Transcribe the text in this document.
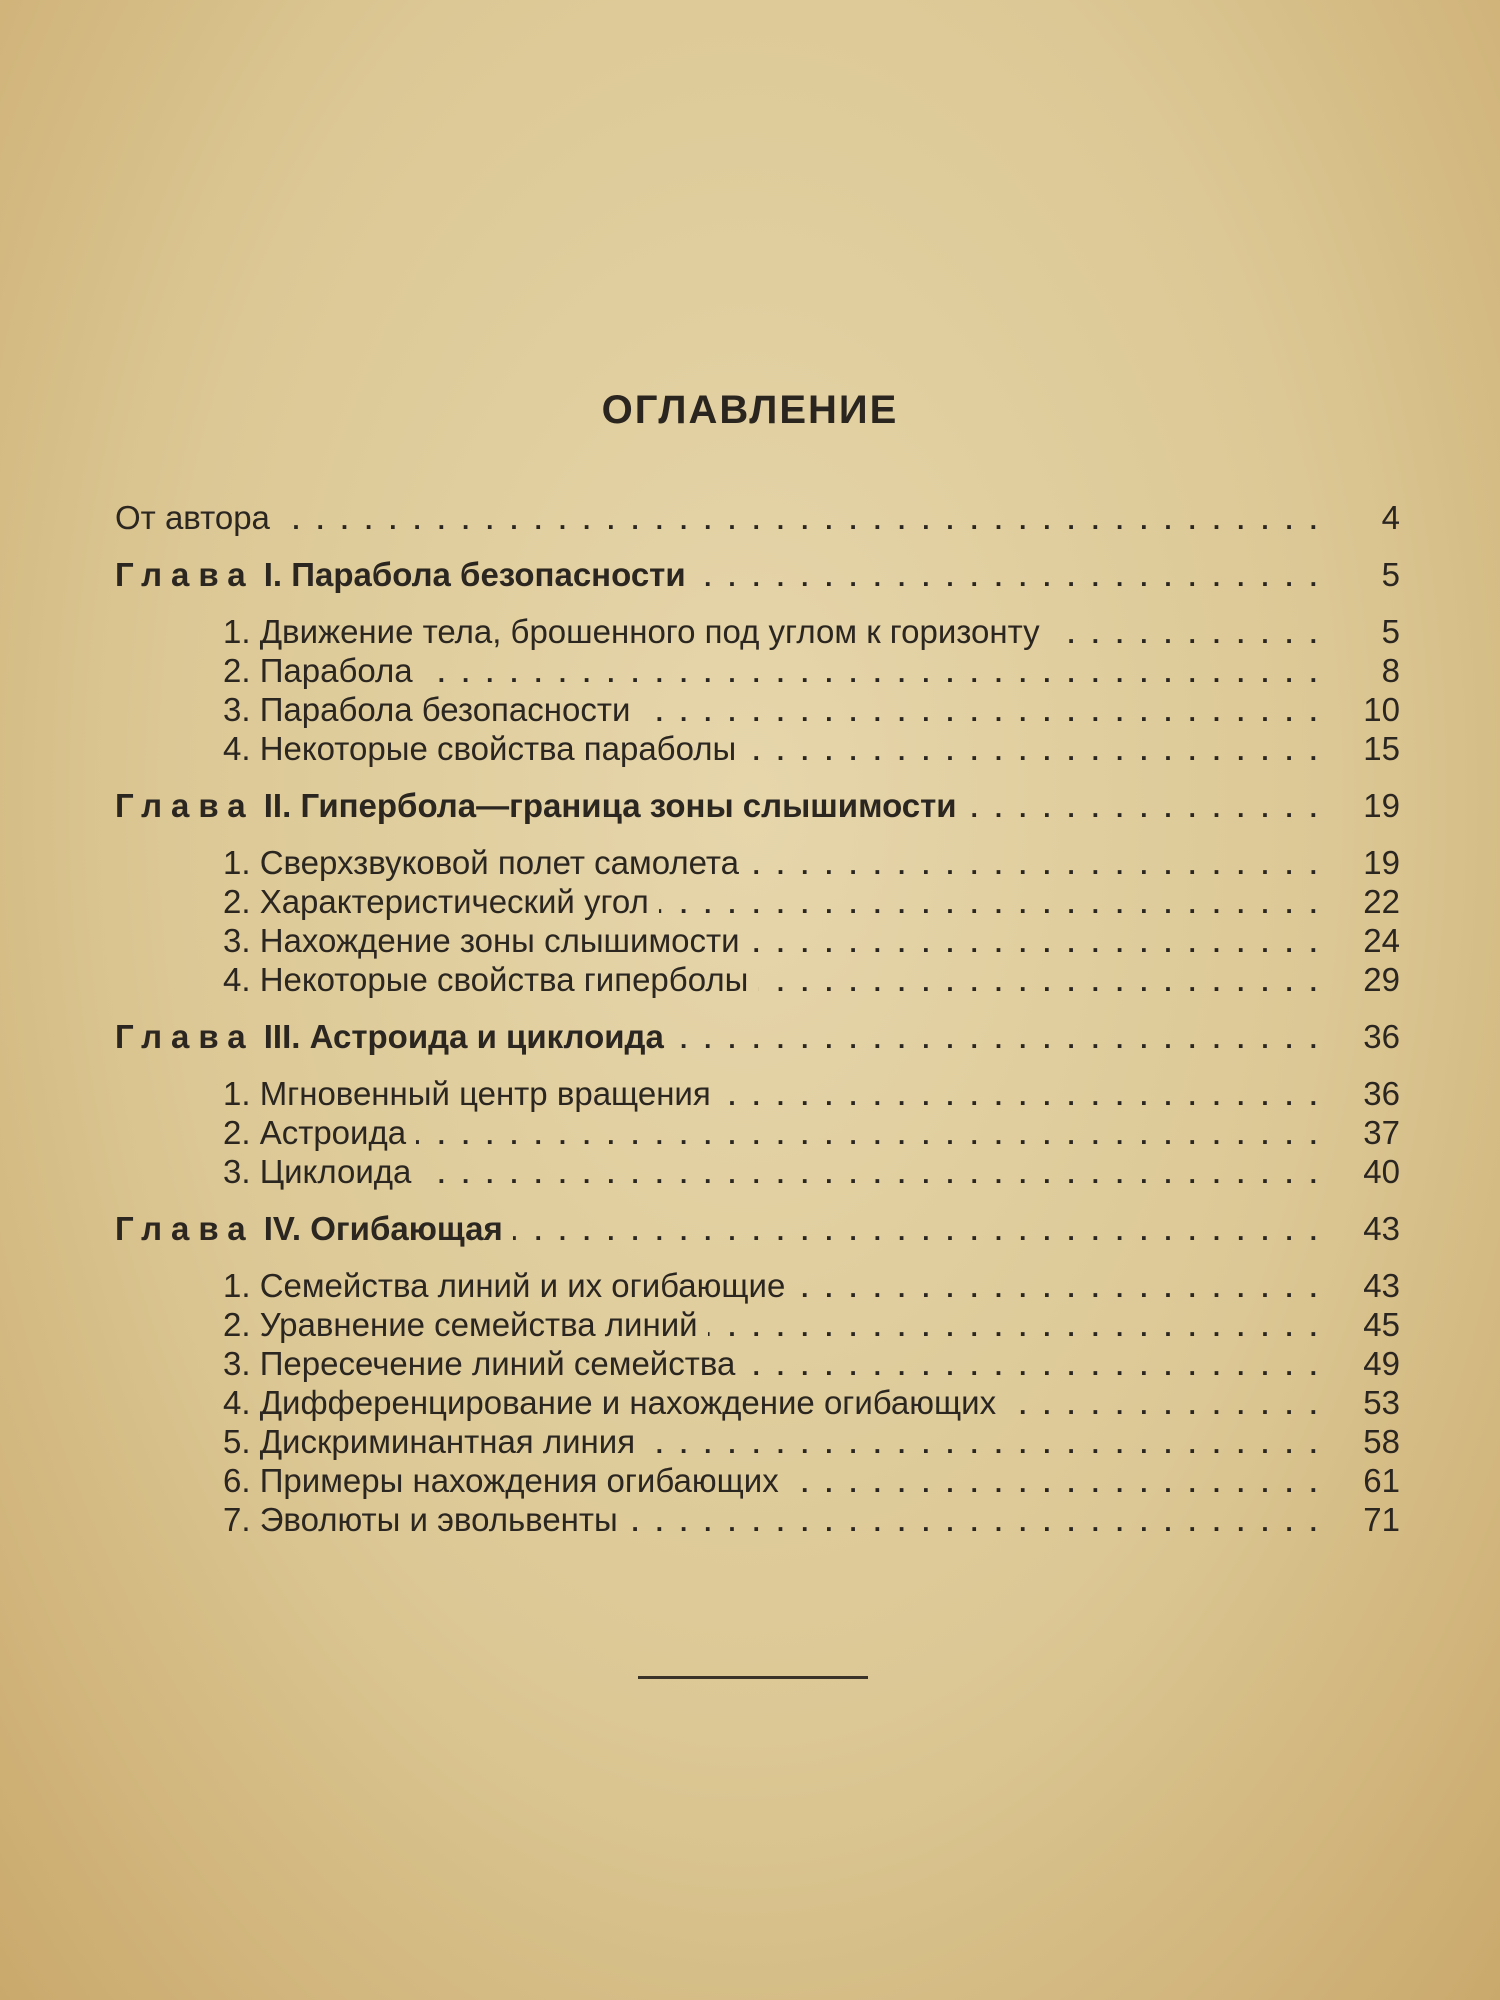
ОГЛАВЛЕНИЕ
От автора .....	4
Глава I. Парабола безопасности .....	5
1. Движение тела, брошенного под углом к горизонту .....	5
2. Парабола .....	8
3. Парабола безопасности .....	10
4. Некоторые свойства параболы .....	15
Глава II. Гипербола—граница зоны слышимости .....	19
1. Сверхзвуковой полет самолета .....	19
2. Характеристический угол .....	22
3. Нахождение зоны слышимости .....	24
4. Некоторые свойства гиперболы .....	29
Глава III. Астроида и циклоида .....	36
1. Мгновенный центр вращения .....	36
2. Астроида .....	37
3. Циклоида .....	40
Глава IV. Огибающая .....	43
1. Семейства линий и их огибающие .....	43
2. Уравнение семейства линий .....	45
3. Пересечение линий семейства .....	49
4. Дифференцирование и нахождение огибающих .....	53
5. Дискриминантная линия .....	58
6. Примеры нахождения огибающих .....	61
7. Эволюты и эвольвенты .....	71
